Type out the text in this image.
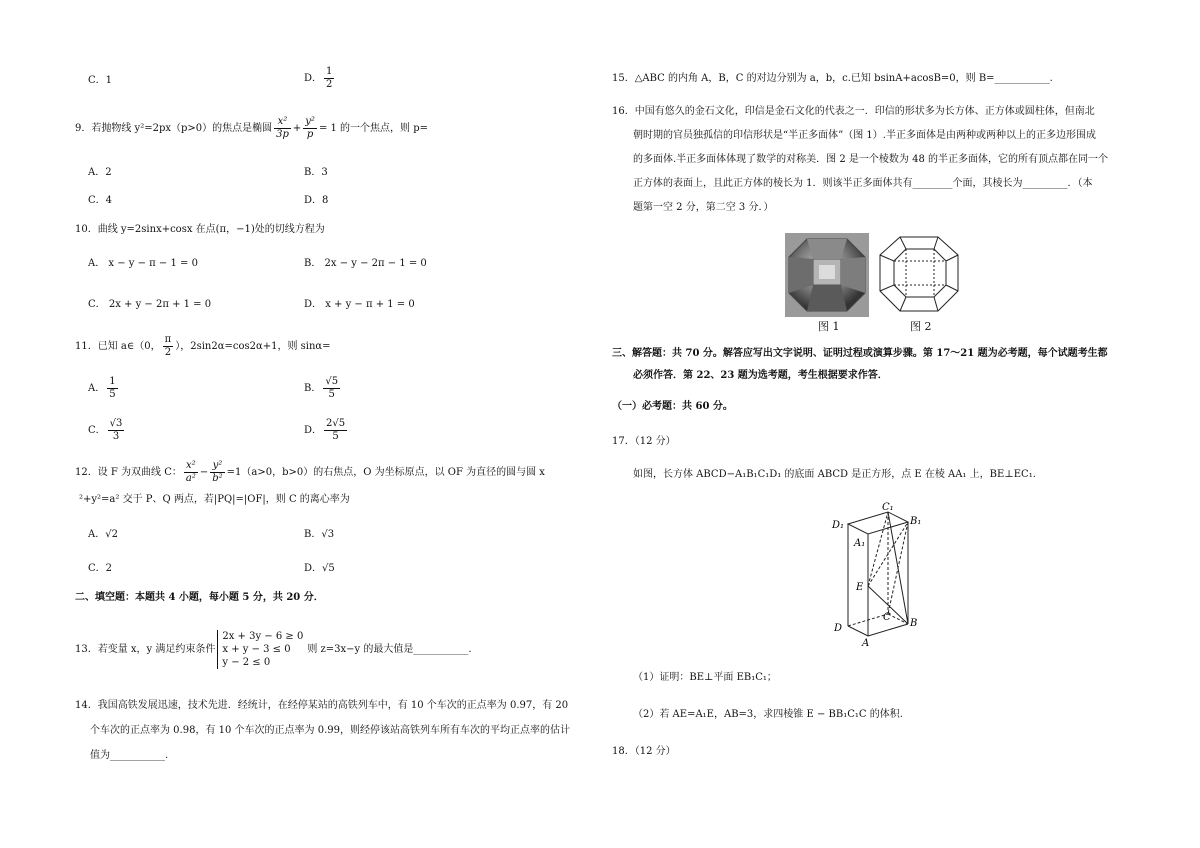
C．1	D． $\frac{1}{2}$
9．若抛物线 y²=2px（p>0）的焦点是椭圆 $\frac{\text{x²}}{3p} + \frac{\text{y²}}{p} = 1$ 的一个焦点，则 p=
A．2	B．3
C．4	D．8
10．曲线 y=2sinx+cosx 在点(π，−1)处的切线方程为
A． x − y − π − 1 = 0	B． 2x − y − 2π − 1 = 0
C． 2x + y − 2π + 1 = 0	D． x + y − π + 1 = 0
11．已知 a∈（0， $\frac{\pi}{2}$ ），2sin2α=cos2α+1，则 sinα=
A． $\frac{1}{5}$	B． $\frac{√5}{5}$
C． $\frac{√3}{3}$	D． $\frac{2√5}{5}$
12．设 F 为双曲线 C： $\frac{\text{x²}}{\text{a²}} - \frac{\text{y²}}{\text{b²}} =1(a>0$，b>0）的右焦点，O 为坐标原点，以 OF 为直径的圆与圆 x
²+y²=a² 交于 P、Q 两点，若|PQ|=|OF|，则 C 的离心率为
A．√2	B．√3
C．2	D．√5
二、填空题：本题共 4 小题，每小题 5 分，共 20 分．
13．若变量 x，y 满足约束条件2x + 3y − 6 ≥ 0
x + y − 3 ≤ 0
y − 2 ≤ 0则 z=3x−y 的最大值是___________.
14．我国高铁发展迅速，技术先进．经统计，在经停某站的高铁列车中，有 10 个车次的正点率为 0.97，有 20
个车次的正点率为 0.98，有 10 个车次的正点率为 0.99，则经停该站高铁列车所有车次的平均正点率的估计
值为___________.
15．△ABC 的内角 A，B，C 的对边分别为 a，b，c.已知 bsinA+acosB=0，则 B=___________.
16．中国有悠久的金石文化，印信是金石文化的代表之一．印信的形状多为长方体、正方体或圆柱体，但南北
朝时期的官员独孤信的印信形状是“半正多面体”（图 1）.半正多面体是由两种或两种以上的正多边形围成
的多面体.半正多面体体现了数学的对称美．图 2 是一个棱数为 48 的半正多面体，它的所有顶点都在同一个
正方体的表面上，且此正方体的棱长为 1．则该半正多面体共有________个面，其棱长为_________．（本
题第一空 2 分，第二空 3 分．）
图 1	图 2
三、解答题：共 70 分。解答应写出文字说明、证明过程或演算步骤。第 17～21 题为必考题，每个试题考生都
必须作答．第 22、23 题为选考题，考生根据要求作答．
（一）必考题：共 60 分。
17．（12 分）
如图，长方体 ABCD−A₁B₁C₁D₁ 的底面 ABCD 是正方形，点 E 在棱 AA₁ 上，BE⊥EC₁.
D₁
C₁
B₁
A₁
E
C
D	B
A
（1）证明：BE⊥平面 EB₁C₁；
（2）若 AE=A₁E，AB=3，求四棱锥 E − BB₁C₁C 的体积.
18．（12 分）
